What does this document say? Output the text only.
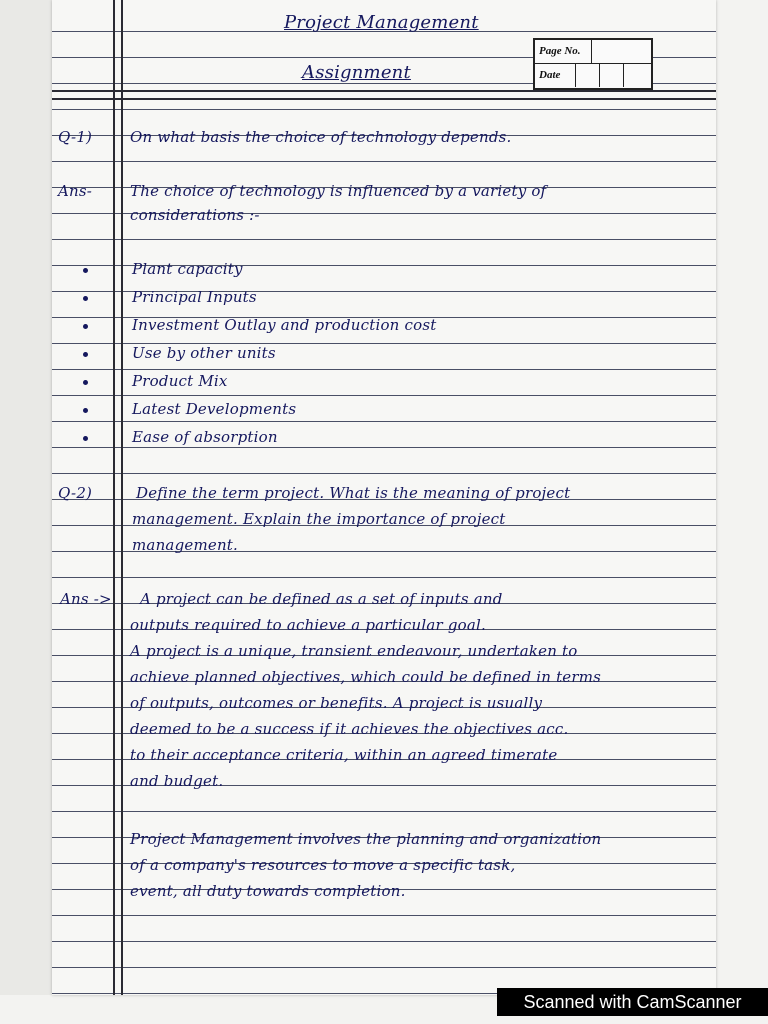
Project Management
Assignment
Page No.
Date
Q-1)	On what basis the choice of technology depends.
Ans-	The choice of technology is influenced by a variety of
considerations :-
Plant capacity
Principal Inputs
Investment Outlay and production cost
Use by other units
Product Mix
Latest Developments
Ease of absorption
Q-2)	Define the term project. What is the meaning of project
management. Explain the importance of project
management.
Ans -> A project can be defined as a set of inputs and
outputs required to achieve a particular goal.
A project is a unique, transient endeavour, undertaken to
achieve planned objectives, which could be defined in terms
of outputs, outcomes or benefits. A project is usually
deemed to be a success if it achieves the objectives acc.
to their acceptance criteria, within an agreed timerate
and budget.
Project Management involves the planning and organization
of a company's resources to move a specific task,
event, all duty towards completion.
Scanned with CamScanner
